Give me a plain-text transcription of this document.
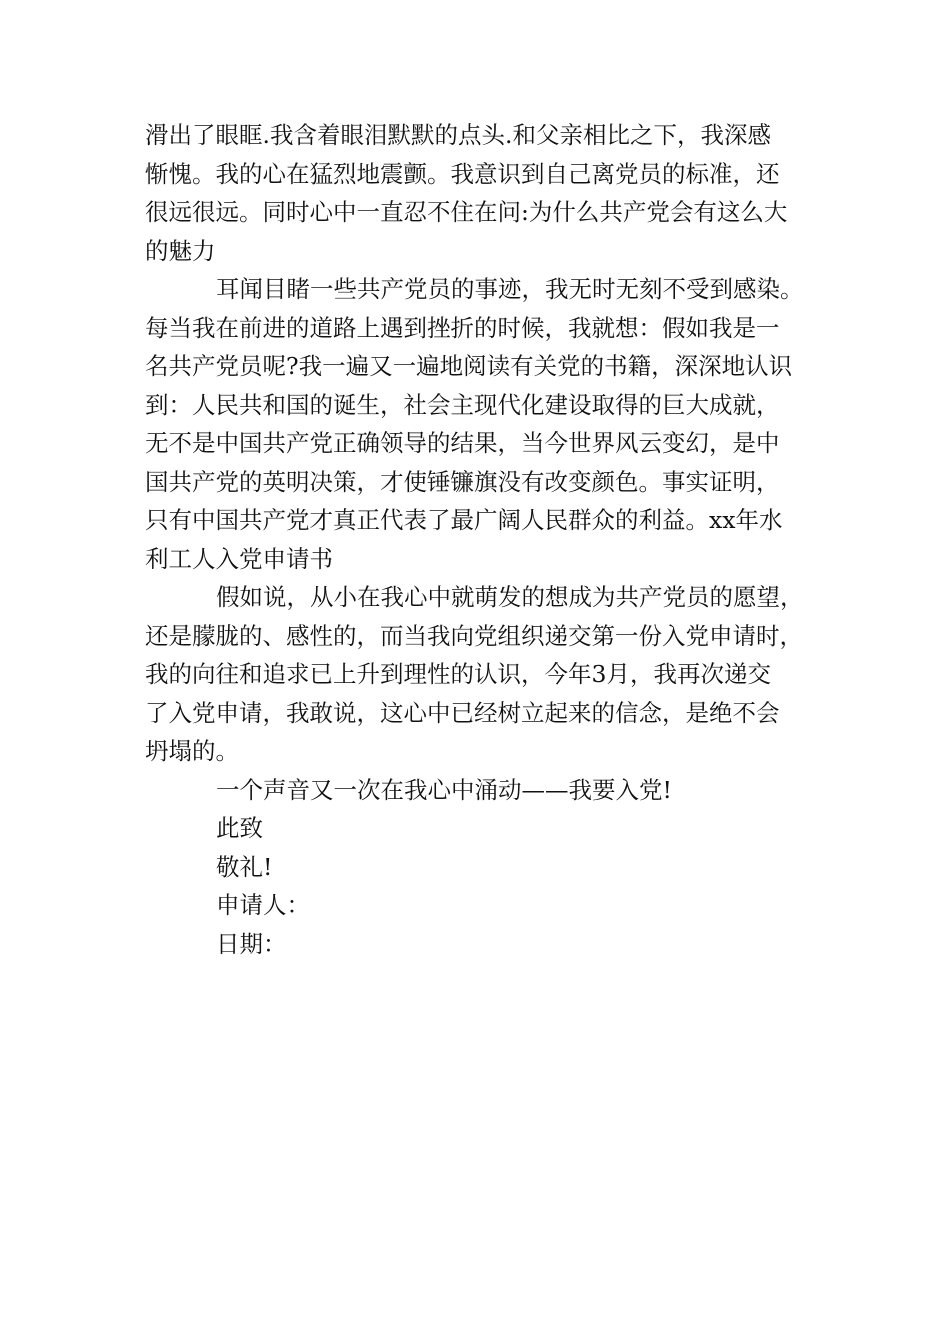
滑出了眼眶.我含着眼泪默默的点头.和父亲相比之下，我深感
惭愧。我的心在猛烈地震颤。我意识到自己离党员的标准，还
很远很远。同时心中一直忍不住在问:为什么共产党会有这么大
的魅力
耳闻目睹一些共产党员的事迹，我无时无刻不受到感染。
每当我在前进的道路上遇到挫折的时候，我就想：假如我是一
名共产党员呢?我一遍又一遍地阅读有关党的书籍，深深地认识
到：人民共和国的诞生，社会主现代化建设取得的巨大成就，
无不是中国共产党正确领导的结果，当今世界风云变幻，是中
国共产党的英明决策，才使锤镰旗没有改变颜色。事实证明，
只有中国共产党才真正代表了最广阔人民群众的利益。xx年水
利工人入党申请书
假如说，从小在我心中就萌发的想成为共产党员的愿望，
还是朦胧的、感性的，而当我向党组织递交第一份入党申请时，
我的向往和追求已上升到理性的认识，今年3月，我再次递交
了入党申请，我敢说，这心中已经树立起来的信念，是绝不会
坍塌的。
一个声音又一次在我心中涌动——我要入党!
此致
敬礼!
申请人：
日期：
